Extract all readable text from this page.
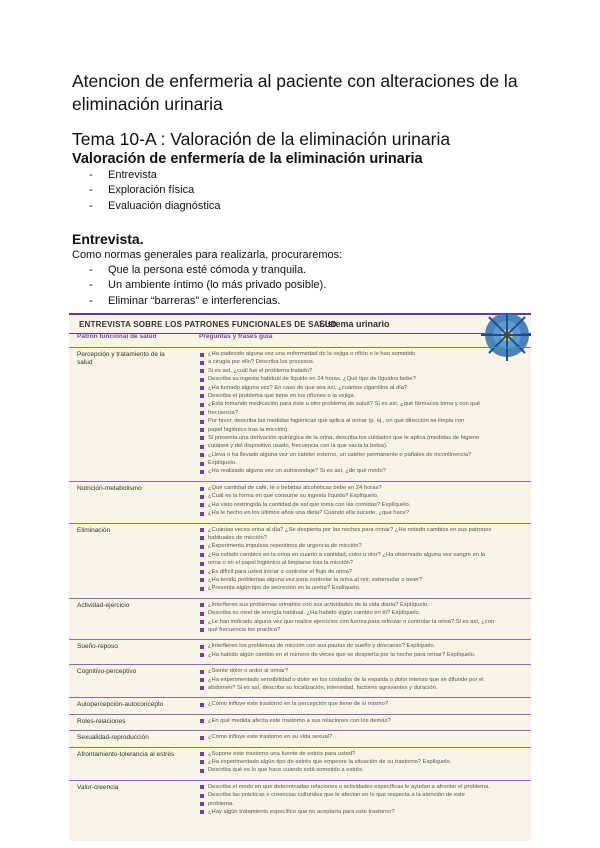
Atencion de enfermeria al paciente con alteraciones de la eliminación urinaria
Tema 10-A : Valoración de la eliminación urinaria
Valoración de enfermería de la eliminación urinaria
- Entrevista
- Exploración física
- Evaluación diagnóstica
Entrevista.

Como normas generales para realizarla, procuraremos:

- Que la persona esté cómoda y tranquila.
- Un ambiente íntimo (lo más privado posible).
- Eliminar “barreras” e interferencias.
ENTREVISTA SOBRE LOS PATRONES FUNCIONALES DE SALUD
Sistema urinario
Patrón funcional de salud	Preguntas y frases guía
Percepción y tratamiento de la salud
¿Ha padecido alguna vez una enfermedad de la vejiga o riñón o le han sometido
a cirugía por ello? Describa los procesos.
Si es así, ¿cuál fue el problema tratado?
Describa su ingesta habitual de líquido en 24 horas. ¿Qué tipo de líquidos bebe?
¿Ha fumado alguna vez? En caso de que sea así, ¿cuántos cigarrillos al día?
Describa el problema que tiene en los riñones o la vejiga.
¿Está tomando medicación para éste u otro problema de salud? Si es así, ¿qué fármacos toma y con qué
frecuencia?
Por favor, describa las medidas higiénicas que aplica al orinar (p. ej., en qué dirección se limpia con
papel higiénico tras la micción).
Si presenta una derivación quirúrgica de la orina, describa los cuidados que le aplica (medidas de higiene
cutánea y del dispositivo usado, frecuencia con la que vacía la bolsa).
¿Lleva o ha llevado alguna vez un catéter externo, un catéter permanente o pañales de incontinencia?
Explíquelo.
¿Ha realizado alguna vez un autosondaje? Si es así, ¿de qué modo?
Nutrición-metabolismo	¿Qué cantidad de café, té o bebidas alcohólicas bebe en 24 horas?
¿Cuál es la forma en que consume su ingesta líquida? Explíquelo.
¿Ha visto restringida la cantidad de sal que toma con las comidas? Explíquelo.
¿Ha le hecho en los últimos años una dieta? Cuando ella sucede, ¿qué hace?
Eliminación	¿Cuántas veces orina al día? ¿Se despierta por las noches para orinar? ¿Ha notado cambios en sus patrones
habituales de micción?
¿Experimenta impulsos repentinos de urgencia de micción?
¿Ha notado cambios en la orina en cuanto a cantidad, color u olor? ¿Ha observado alguna vez sangre en la
orina o en el papel higiénico al limpiarse tras la micción?
¿Es difícil para usted iniciar o controlar el flujo de orina?
¿Ha tenido problemas alguna vez para controlar la orina al reír, estornudar o toser?
¿Presenta algún tipo de secreción en la uretra? Explíquelo.
Actividad-ejercicio	¿Interfieren sus problemas urinarios con sus actividades de la vida diaria? Explíquelo.
Describa su nivel de energía habitual. ¿Ha habido algún cambio en él? Explíquelo.
¿Le han indicado alguna vez que realice ejercicios con fuerza para reforzar o controlar la orina? Si es así, ¿con
qué frecuencia los practica?
Sueño-reposo	¿Interfieren los problemas de micción con sus pautas de sueño y descanso? Explíquelo.
¿Ha habido algún cambio en el número de veces que se despierta por la noche para orinar? Explíquelo.
Cognitivo-perceptivo	¿Siente dolor o ardor al orinar?
¿Ha experimentado sensibilidad o dolor en los costados de la espalda o dolor intenso que se difunde por el
abdomen? Si es así, describa su localización, intensidad, factores agravantes y duración.
Autopercepción-autoconcepto	¿Cómo influye este trastorno en la percepción que tiene de sí mismo?
Roles-relaciones	¿En qué medida afecta este trastorno a sus relaciones con los demás?
Sexualidad-reproducción	¿Cómo influye este trastorno en su vida sexual?
Afrontamiento-tolerancia al estrés	¿Supone este trastorno una fuente de estrés para usted?
¿Ha experimentado algún tipo de estrés que empeore la situación de su trastorno? Explíquelo.
Describa qué es lo que hace cuando está sometido a estrés.
Valor-creencia	Describa el modo en que determinadas relaciones o actividades específicas le ayudan a afrontar el problema.
Describa las prácticas o creencias culturales que le afectan en lo que respecta a la atención de este
problema.
¿Hay algún tratamiento específico que no aceptaría para este trastorno?
